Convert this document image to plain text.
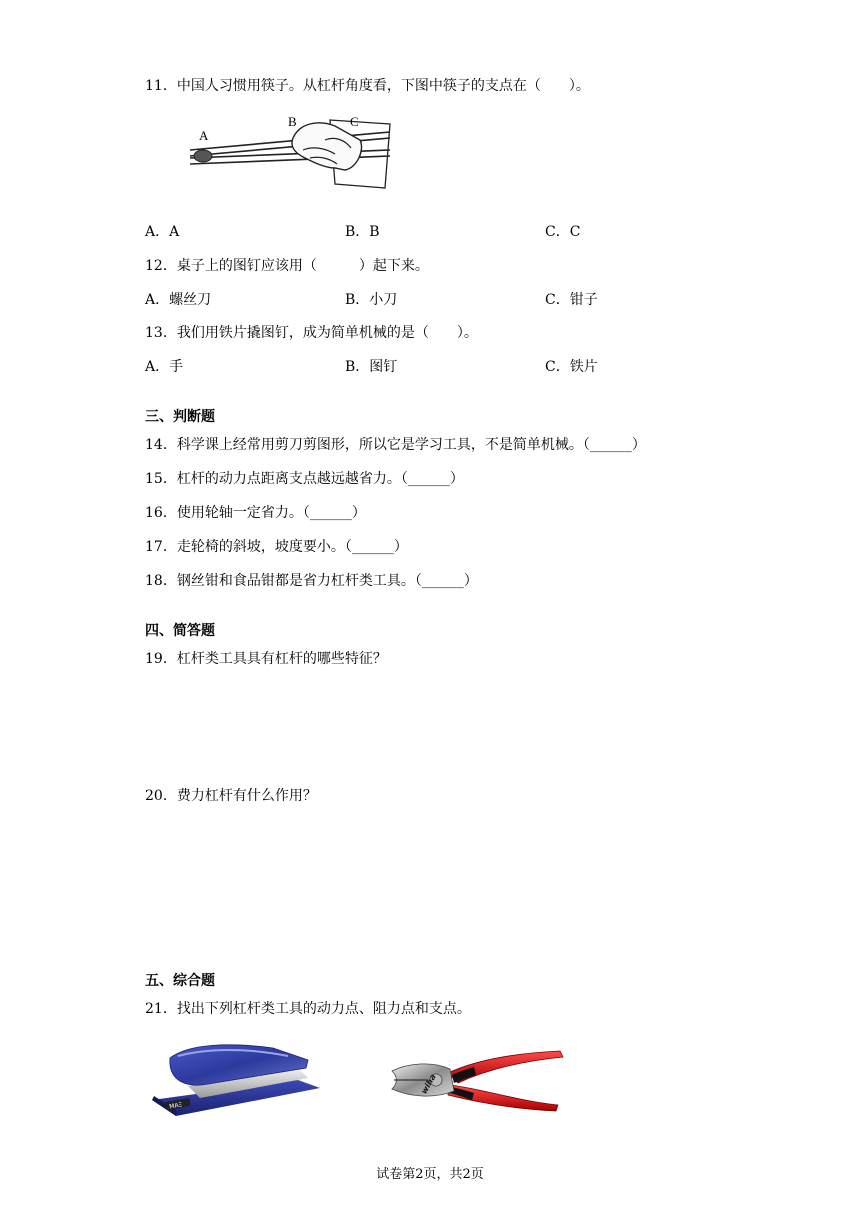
11．中国人习惯用筷子。从杠杆角度看，下图中筷子的支点在（　　）。
A
B	C
A．A	B．B	C．C
12．桌子上的图钉应该用（　　　）起下来。
A．螺丝刀	B．小刀	C．钳子
13．我们用铁片撬图钉，成为简单机械的是（　　）。
A．手	B．图钉	C．铁片
三、判断题
14．科学课上经常用剪刀剪图形，所以它是学习工具，不是简单机械。（______）
15．杠杆的动力点距离支点越远越省力。（______）
16．使用轮轴一定省力。（______）
17．走轮椅的斜坡，坡度要小。（______）
18．钢丝钳和食品钳都是省力杠杆类工具。（______）
四、简答题
19．杠杆类工具具有杠杆的哪些特征？
20．费力杠杆有什么作用？
五、综合题
21．找出下列杠杆类工具的动力点、阻力点和支点。
ΜΑΞ
wiha
试卷第2页，共2页
